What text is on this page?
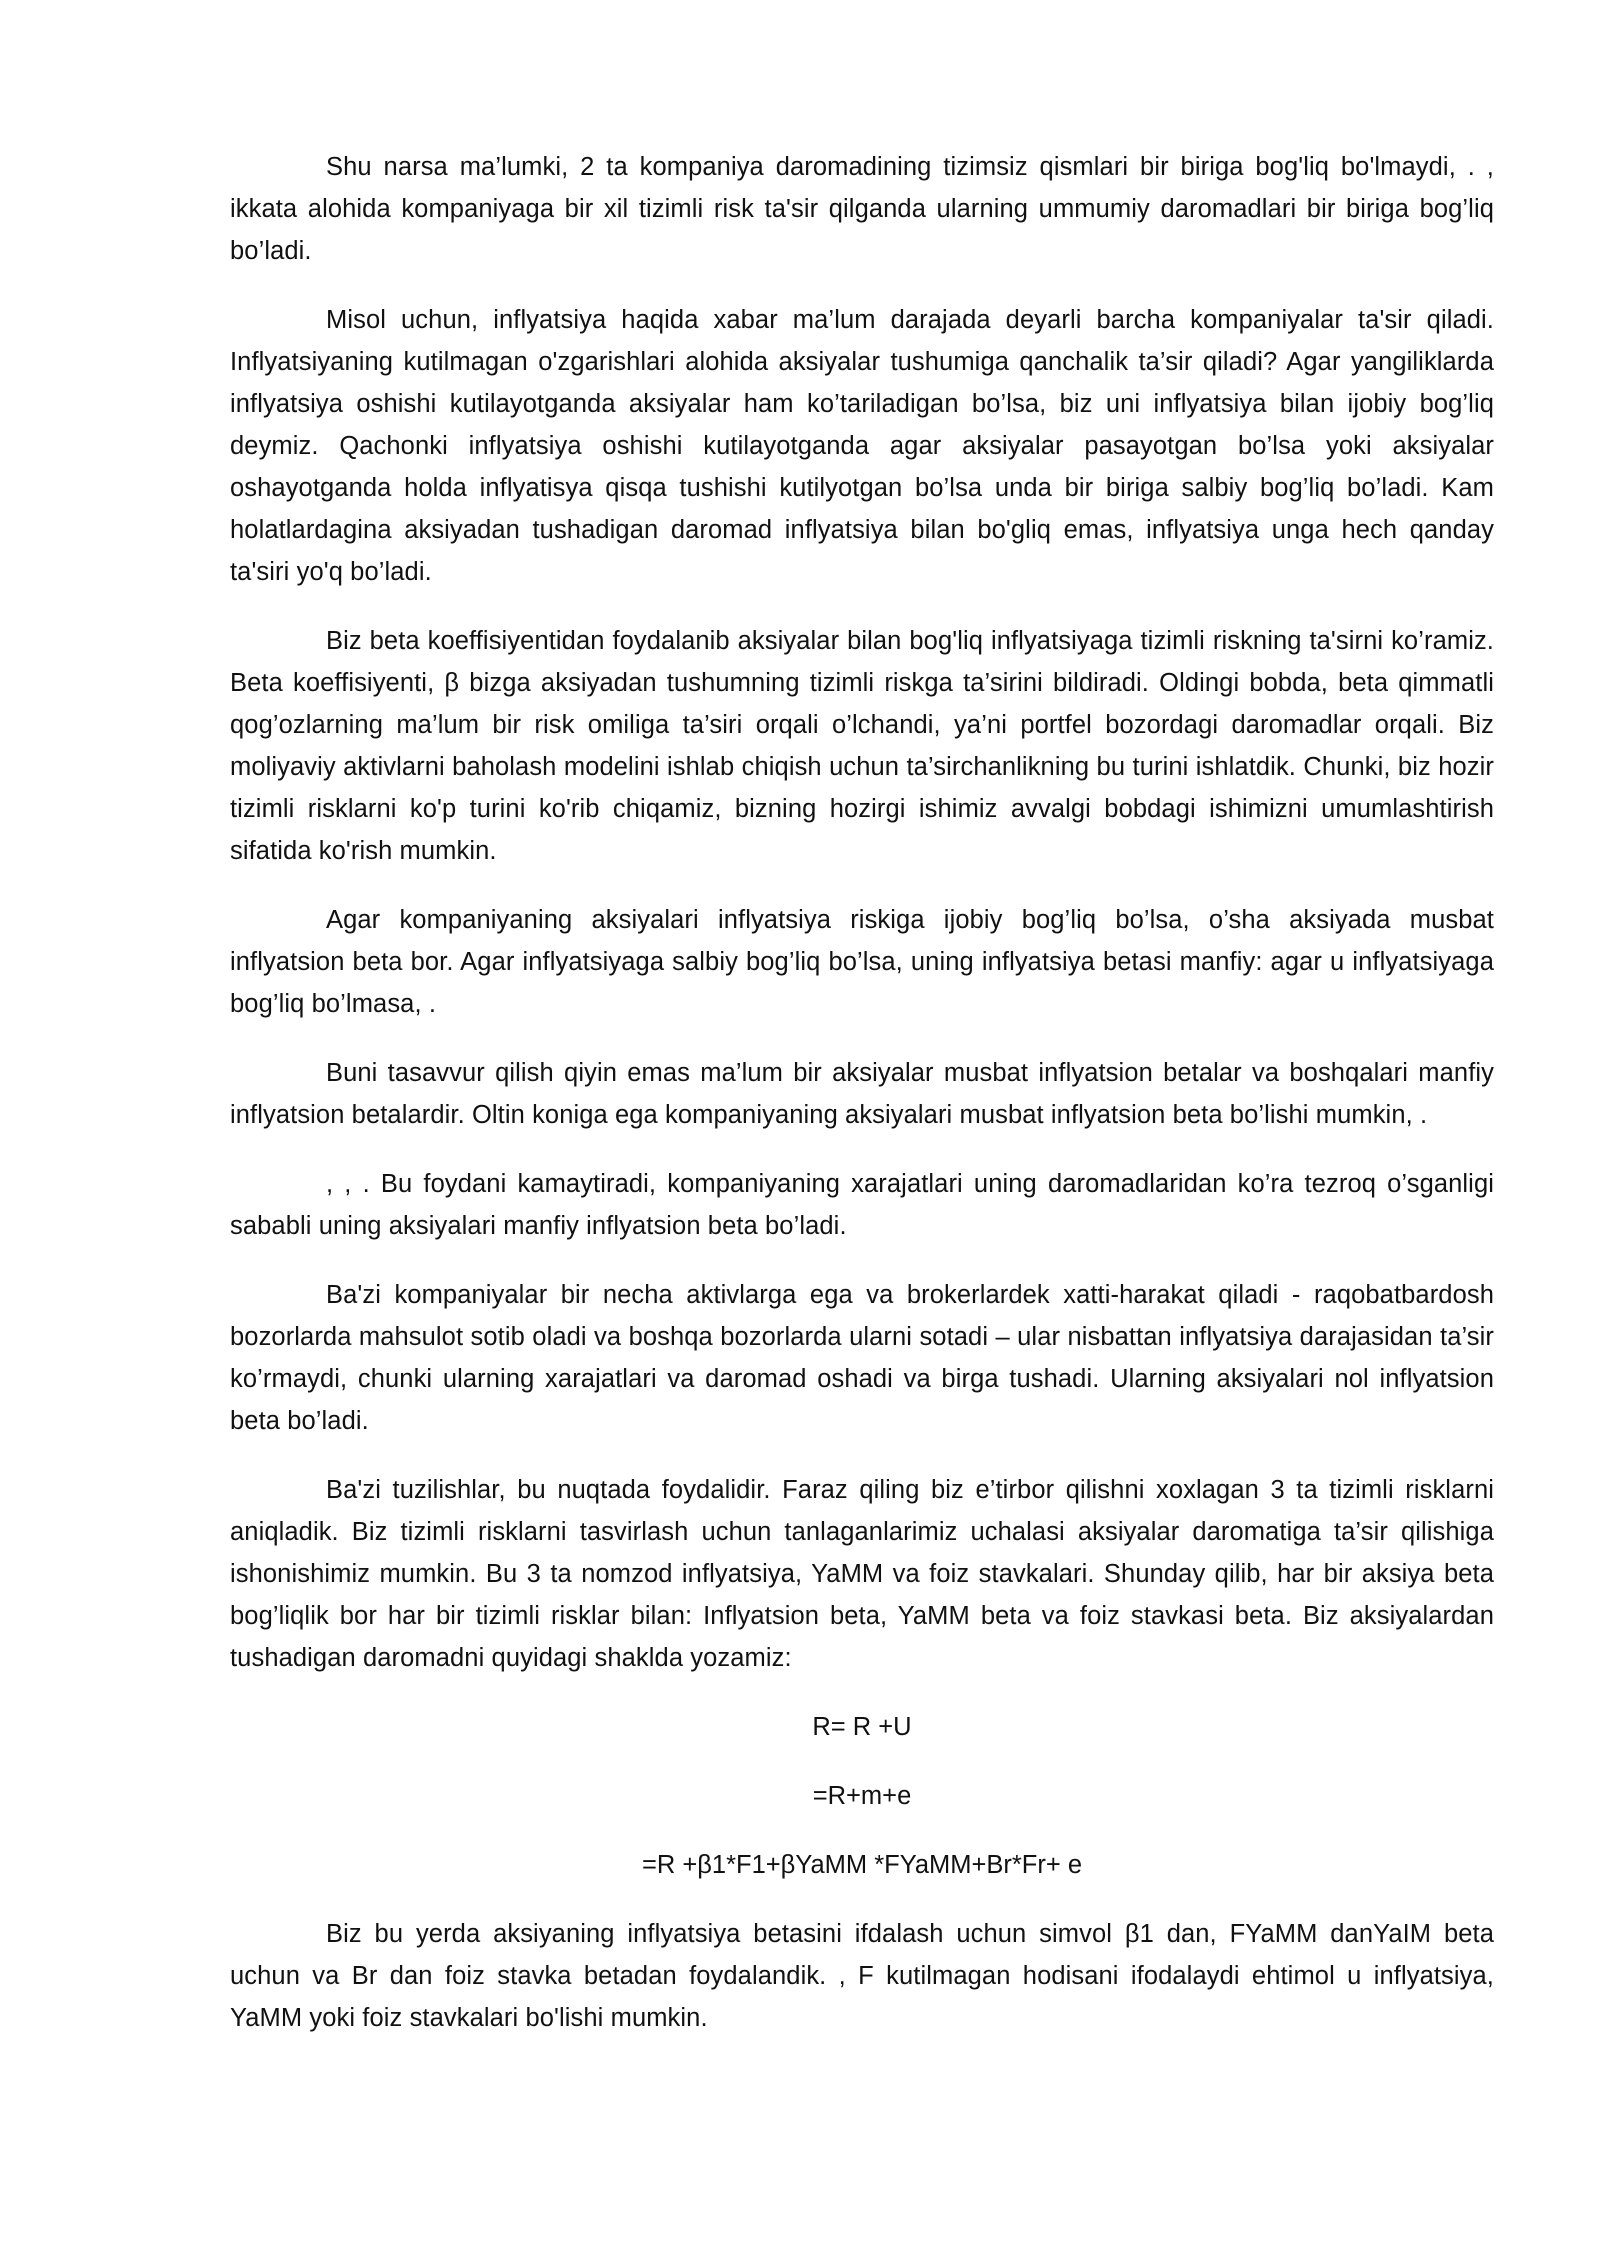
Shu narsa ma’lumki, 2 ta kompaniya daromadining tizimsiz qismlari bir biriga bog'liq bo'lmaydi, . , ikkata alohida kompaniyaga bir xil tizimli risk ta'sir qilganda ularning ummumiy daromadlari bir biriga bog’liq bo’ladi.

Misol uchun, inflyatsiya haqida xabar ma’lum darajada deyarli barcha kompaniyalar ta'sir qiladi. Inflyatsiyaning kutilmagan o'zgarishlari alohida aksiyalar tushumiga qanchalik ta’sir qiladi? Agar yangiliklarda inflyatsiya oshishi kutilayotganda aksiyalar ham ko’tariladigan bo’lsa, biz uni inflyatsiya bilan ijobiy bog’liq deymiz. Qachonki inflyatsiya oshishi kutilayotganda agar aksiyalar pasayotgan bo’lsa yoki aksiyalar oshayotganda holda inflyatisya qisqa tushishi kutilyotgan bo’lsa unda bir biriga salbiy bog’liq bo’ladi. Kam holatlardagina aksiyadan tushadigan daromad inflyatsiya bilan bo'gliq emas, inflyatsiya unga hech qanday ta'siri yo'q bo’ladi.

Biz beta koeffisiyentidan foydalanib aksiyalar bilan bog'liq inflyatsiyaga tizimli riskning ta'sirni ko’ramiz. Beta koeffisiyenti, β bizga aksiyadan tushumning tizimli riskga ta’sirini bildiradi. Oldingi bobda, beta qimmatli qog’ozlarning ma’lum bir risk omiliga ta’siri orqali o’lchandi, ya’ni portfel bozordagi daromadlar orqali. Biz moliyaviy aktivlarni baholash modelini ishlab chiqish uchun ta’sirchanlikning bu turini ishlatdik. Chunki, biz hozir tizimli risklarni ko'p turini ko'rib chiqamiz, bizning hozirgi ishimiz avvalgi bobdagi ishimizni umumlashtirish sifatida ko'rish mumkin.

Agar kompaniyaning aksiyalari inflyatsiya riskiga ijobiy bog’liq bo’lsa, o’sha aksiyada musbat inflyatsion beta bor. Agar inflyatsiyaga salbiy bog’liq bo’lsa, uning inflyatsiya betasi manfiy: agar u inflyatsiyaga bog’liq bo’lmasa, .

Buni tasavvur qilish qiyin emas ma’lum bir aksiyalar musbat inflyatsion betalar va boshqalari manfiy inflyatsion betalardir. Oltin koniga ega kompaniyaning aksiyalari musbat inflyatsion beta bo’lishi mumkin, .

, , . Bu foydani kamaytiradi, kompaniyaning xarajatlari uning daromadlaridan ko’ra tezroq o’sganligi sababli uning aksiyalari manfiy inflyatsion beta bo’ladi.

Ba'zi kompaniyalar bir necha aktivlarga ega va brokerlardek xatti-harakat qiladi - raqobatbardosh bozorlarda mahsulot sotib oladi va boshqa bozorlarda ularni sotadi – ular nisbattan inflyatsiya darajasidan ta’sir ko’rmaydi, chunki ularning xarajatlari va daromad oshadi va birga tushadi. Ularning aksiyalari nol inflyatsion beta bo’ladi.

Ba'zi tuzilishlar, bu nuqtada foydalidir. Faraz qiling biz e’tirbor qilishni xoxlagan 3 ta tizimli risklarni aniqladik. Biz tizimli risklarni tasvirlash uchun tanlaganlarimiz uchalasi aksiyalar daromatiga ta’sir qilishiga ishonishimiz mumkin. Bu 3 ta nomzod inflyatsiya, YaMM va foiz stavkalari. Shunday qilib, har bir aksiya beta bog’liqlik bor har bir tizimli risklar bilan: Inflyatsion beta, YaMM beta va foiz stavkasi beta. Biz aksiyalardan tushadigan daromadni quyidagi shaklda yozamiz:

R= R +U

=R+m+e

=R +β1*F1+βYaMM *FYaMM+Br*Fr+ e

Biz bu yerda aksiyaning inflyatsiya betasini ifdalash uchun simvol β1 dan, FYaMM danYaIM beta uchun va Br dan foiz stavka betadan foydalandik. , F kutilmagan hodisani ifodalaydi ehtimol u inflyatsiya, YaMM yoki foiz stavkalari bo'lishi mumkin.
